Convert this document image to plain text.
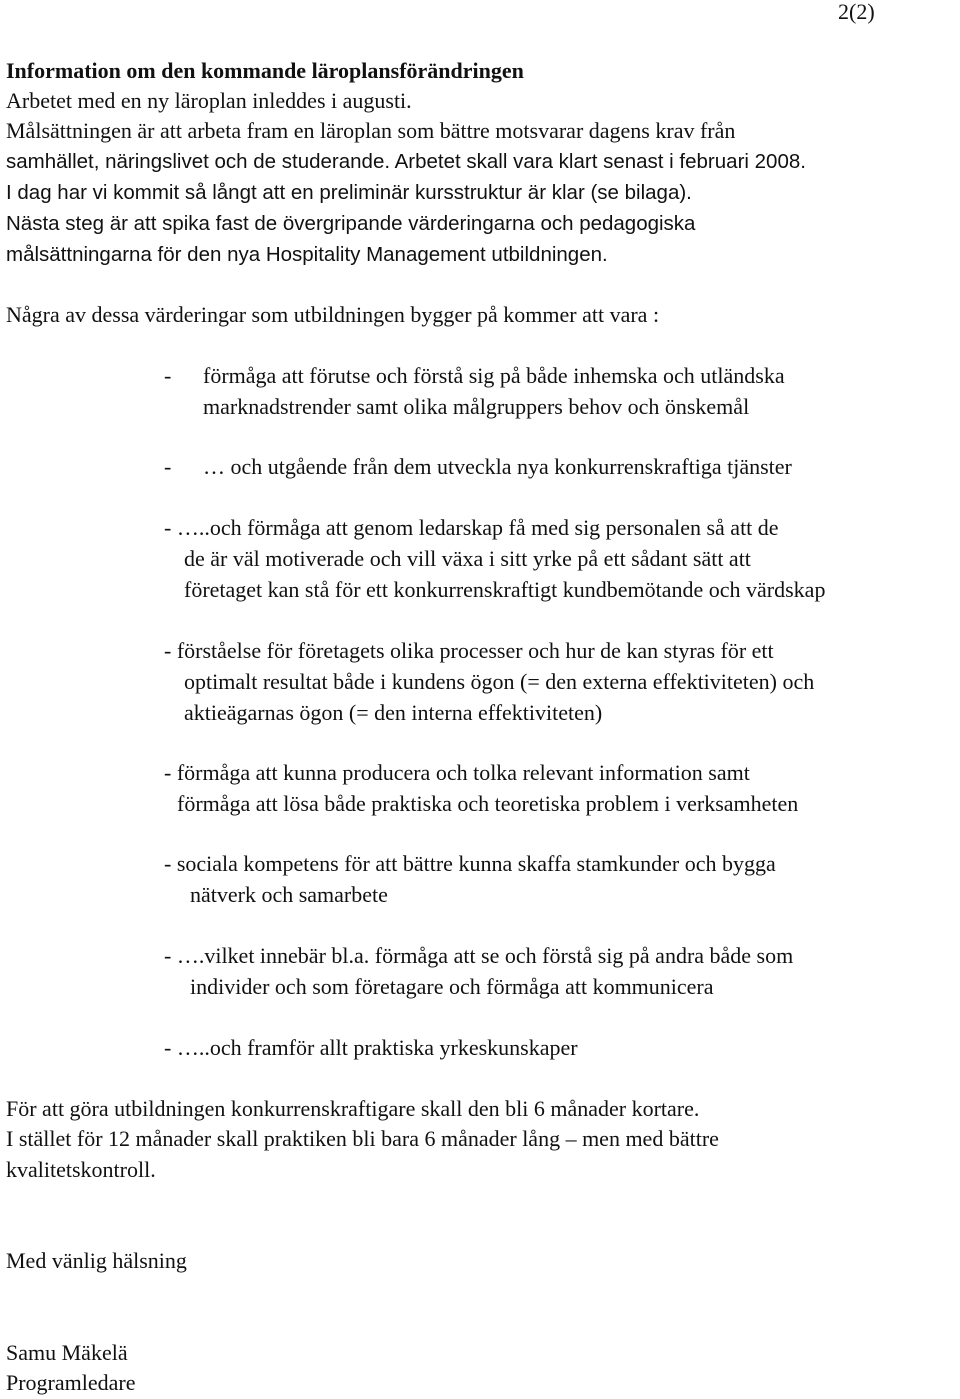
2(2)
Information om den kommande läroplansförändringen
Arbetet med en ny läroplan inleddes i augusti.
Målsättningen är att arbeta fram en läroplan som bättre motsvarar dagens krav från
samhället, näringslivet och de studerande. Arbetet skall vara klart senast i februari 2008.
I dag har vi kommit så långt att en preliminär kursstruktur är klar (se bilaga).
Nästa steg är att spika fast de övergripande värderingarna och pedagogiska
målsättningarna för den nya Hospitality Management utbildningen.
Några av dessa värderingar som utbildningen bygger på kommer att vara :
- förmåga att förutse och förstå sig på både inhemska och utländska
marknadstrender samt olika målgruppers behov och önskemål
- … och utgående från dem utveckla nya konkurrenskraftiga tjänster
- …..och förmåga att genom ledarskap få med sig personalen så att de
de är väl motiverade och vill växa i sitt yrke på ett sådant sätt att
företaget kan stå för ett konkurrenskraftigt kundbemötande och värdskap
- förståelse för företagets olika processer och hur de kan styras för ett
optimalt resultat både i kundens ögon (= den externa effektiviteten) och
aktieägarnas ögon (= den interna effektiviteten)
- förmåga att kunna producera och tolka relevant information samt
förmåga att lösa både praktiska och teoretiska problem i verksamheten
- sociala kompetens för att bättre kunna skaffa stamkunder och bygga
nätverk och samarbete
- ….vilket innebär bl.a. förmåga att se och förstå sig på andra både som
individer och som företagare och förmåga att kommunicera
- …..och framför allt praktiska yrkeskunskaper
För att göra utbildningen konkurrenskraftigare skall den bli 6 månader kortare.
I stället för 12 månader skall praktiken bli bara 6 månader lång – men med bättre
kvalitetskontroll.
Med vänlig hälsning
Samu Mäkelä
Programledare
